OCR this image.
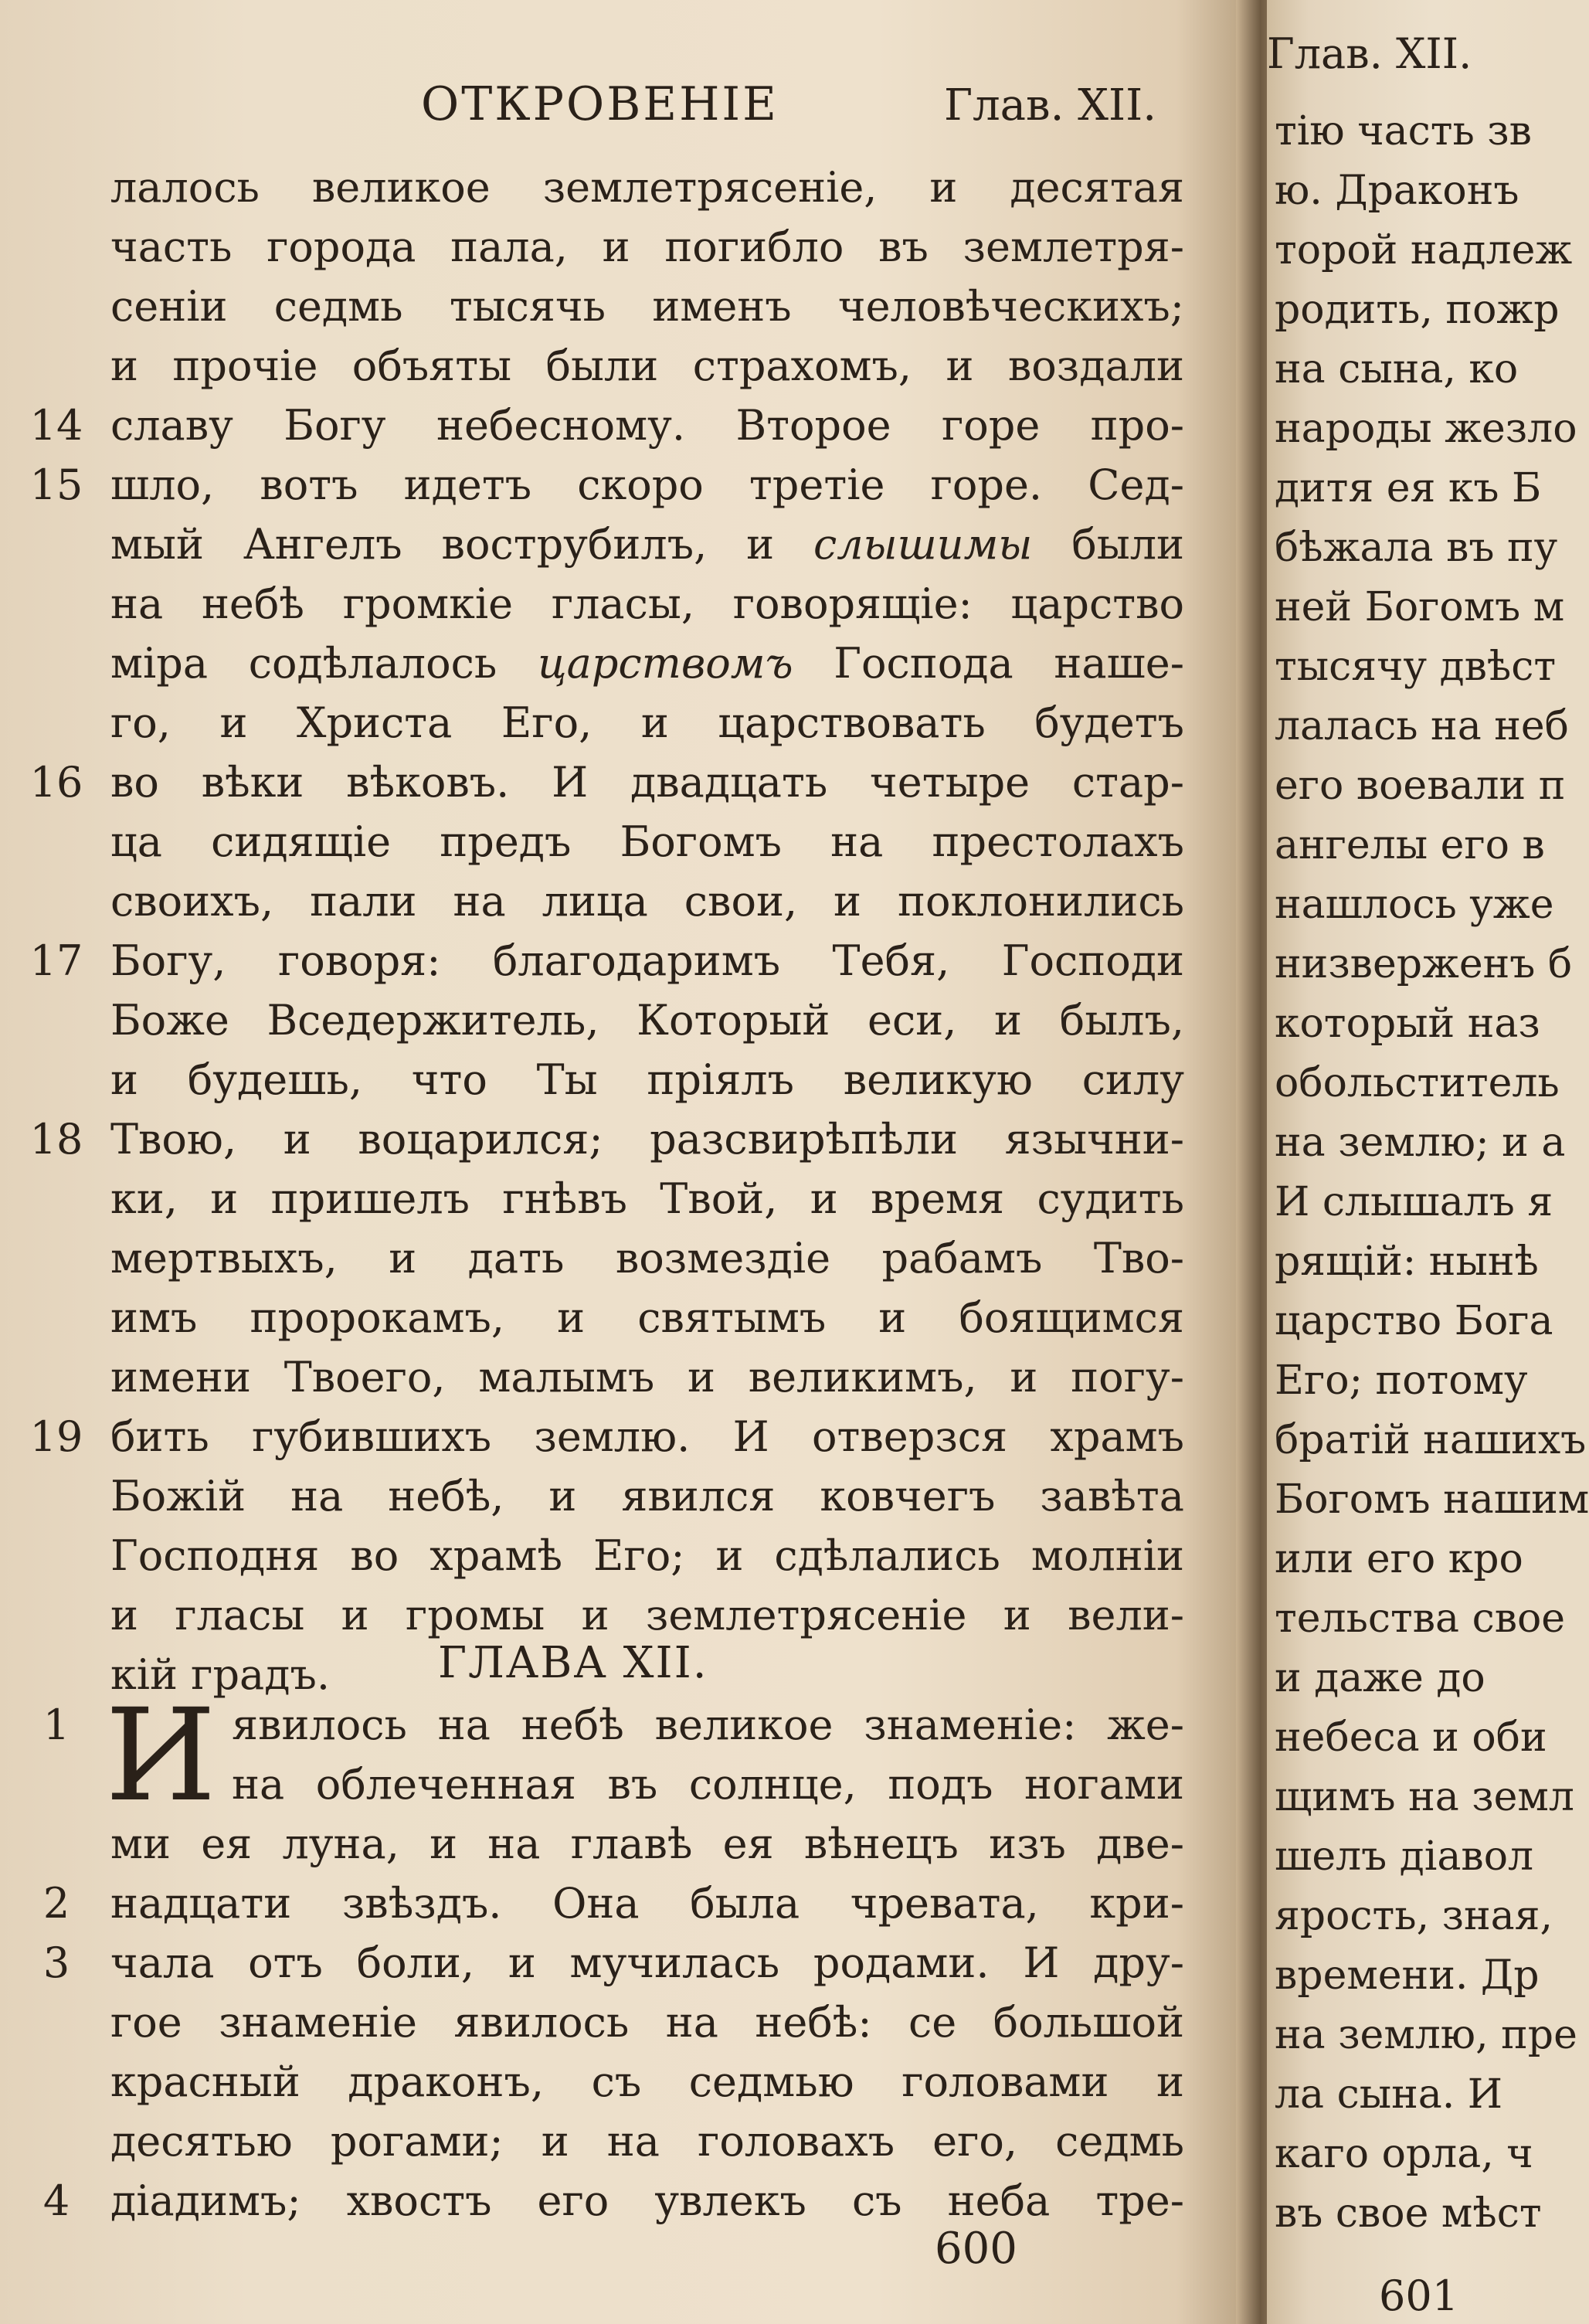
ОТКРОВЕНІЕ	Глав. XII.
лалось великое землетрясеніе, и десятая
часть города пала, и погибло въ землетря-
сеніи седмь тысячь именъ человѣческихъ;
и прочіе объяты были страхомъ, и воздали
славу Богу небесному. Второе горе про-
14
шло, вотъ идетъ скоро третіе горе. Сед-
15
мый Ангелъ вострубилъ, и слышимы были
на небѣ громкіе гласы, говорящіе: царство
міра содѣлалось царствомъ Господа наше-
го, и Христа Его, и царствовать будетъ
во вѣки вѣковъ. И двадцать четыре стар-
16
ца сидящіе предъ Богомъ на престолахъ
своихъ, пали на лица свои, и поклонились
Богу, говоря: благодаримъ Тебя, Господи
17
Боже Вседержитель, Который еси, и былъ,
и будешь, что Ты пріялъ великую силу
Твою, и воцарился; разсвирѣпѣли язычни-
18
ки, и пришелъ гнѣвъ Твой, и время судить
мертвыхъ, и дать возмездіе рабамъ Тво-
имъ пророкамъ, и святымъ и боящимся
имени Твоего, малымъ и великимъ, и погу-
бить губившихъ землю. И отверзся храмъ
19
Божій на небѣ, и явился ковчегъ завѣта
Господня во храмѣ Его; и сдѣлались молніи
и гласы и громы и землетрясеніе и вели-
кій градъ.	ГЛАВА XII.
И явилось на небѣ великое знаменіе: же-
1
на облеченная въ солнце, подъ ногами
ми ея луна, и на главѣ ея вѣнецъ изъ две-
надцати звѣздъ. Она была чревата, кри-
2
чала отъ боли, и мучилась родами. И дру-
3
гое знаменіе явилось на небѣ: се большой
красный драконъ, съ седмью головами и
десятью рогами; и на головахъ его, седмь
діадимъ; хвостъ его увлекъ съ неба тре-
4
600
Глав. XII.
тію часть зв
ю. Драконъ
торой надлеж
родить, пожр
на сына, ко
народы жезло
дитя ея къ Б
бѣжала въ пу
ней Богомъ м
тысячу двѣст
лалась на неб
его воевали п
ангелы его в
нашлось уже
низверженъ б
который наз
обольститель
на землю; и а
И слышалъ я
рящій: нынѣ
царство Бога
Его; потому
братій нашихъ
Богомъ нашим
или его кро
тельства свое
и даже до
небеса и оби
щимъ на земл
шелъ діавол
ярость, зная,
времени. Др
на землю, пре
ла сына. И
каго орла, ч
въ свое мѣст
601
